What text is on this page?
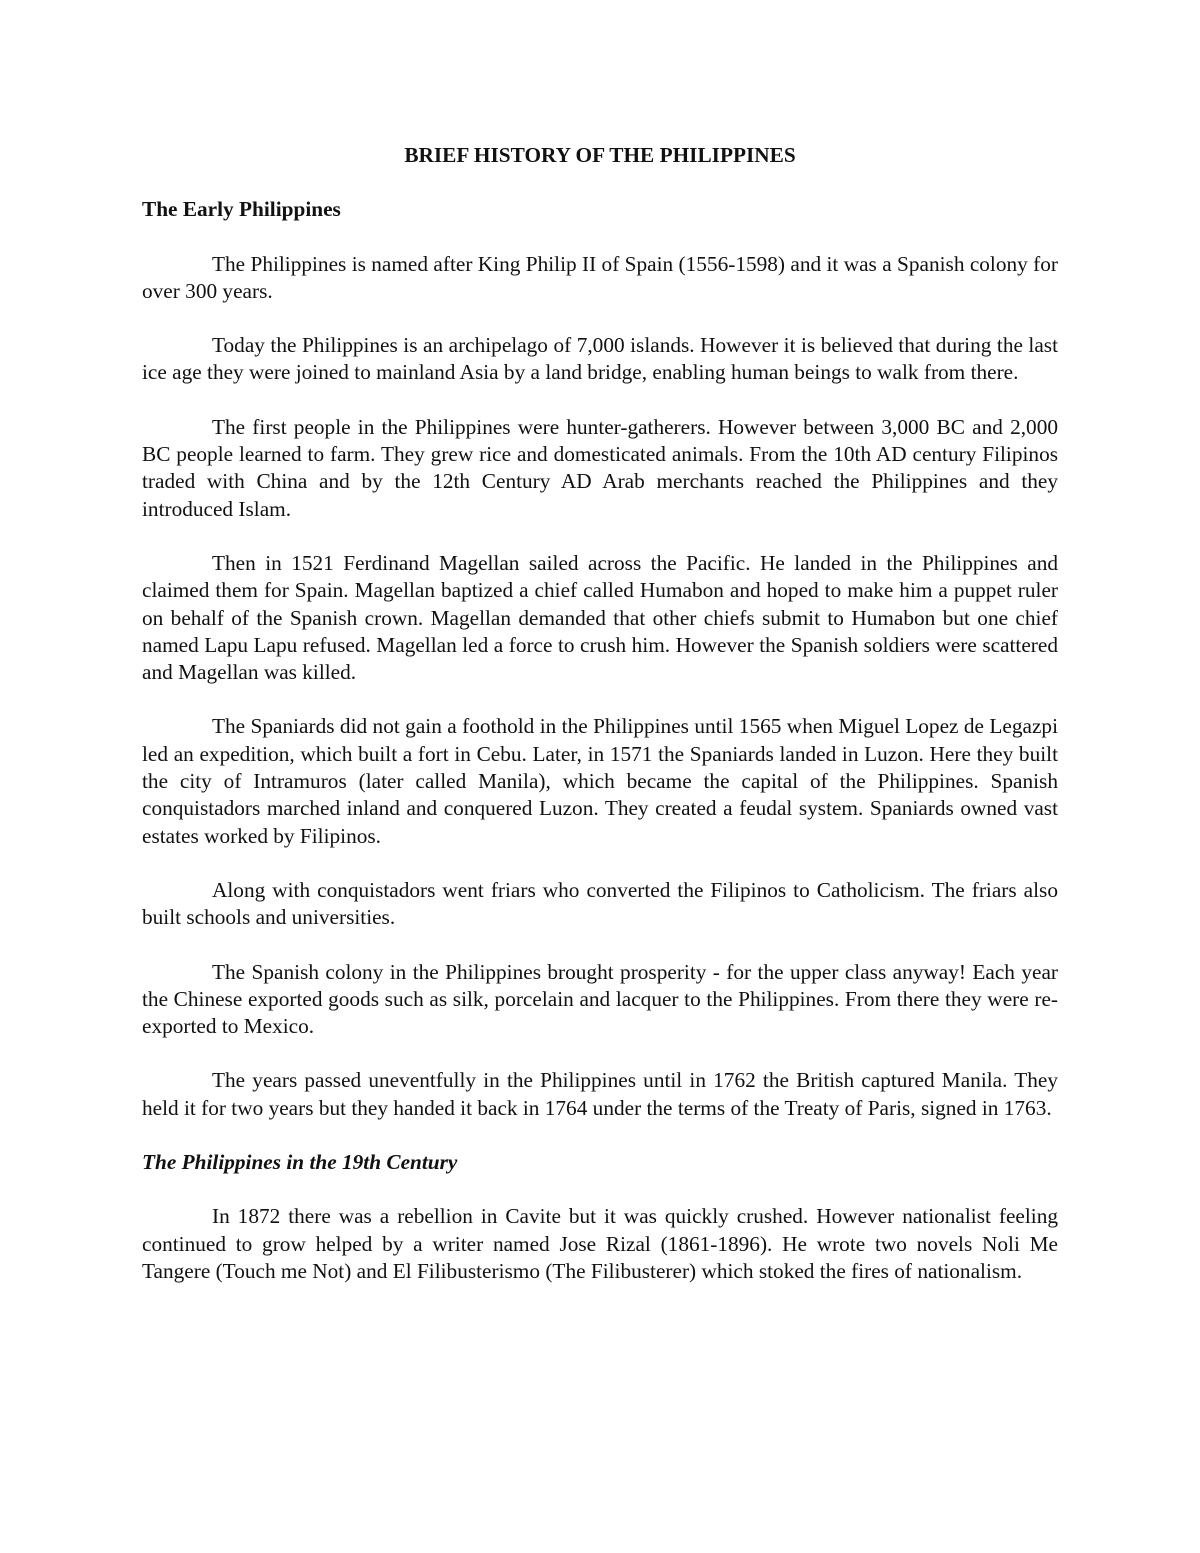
BRIEF HISTORY OF THE PHILIPPINES
The Early Philippines

The Philippines is named after King Philip II of Spain (1556-1598) and it was a Spanish colony for over 300 years.

Today the Philippines is an archipelago of 7,000 islands. However it is believed that during the last ice age they were joined to mainland Asia by a land bridge, enabling human beings to walk from there.

The first people in the Philippines were hunter-gatherers. However between 3,000 BC and 2,000 BC people learned to farm. They grew rice and domesticated animals. From the 10th AD century Filipinos traded with China and by the 12th Century AD Arab merchants reached the Philippines and they introduced Islam.

Then in 1521 Ferdinand Magellan sailed across the Pacific. He landed in the Philippines and claimed them for Spain. Magellan baptized a chief called Humabon and hoped to make him a puppet ruler on behalf of the Spanish crown. Magellan demanded that other chiefs submit to Humabon but one chief named Lapu Lapu refused. Magellan led a force to crush him. However the Spanish soldiers were scattered and Magellan was killed.

The Spaniards did not gain a foothold in the Philippines until 1565 when Miguel Lopez de Legazpi led an expedition, which built a fort in Cebu. Later, in 1571 the Spaniards landed in Luzon. Here they built the city of Intramuros (later called Manila), which became the capital of the Philippines. Spanish conquistadors marched inland and conquered Luzon. They created a feudal system. Spaniards owned vast estates worked by Filipinos.

Along with conquistadors went friars who converted the Filipinos to Catholicism. The friars also built schools and universities.

The Spanish colony in the Philippines brought prosperity - for the upper class anyway! Each year the Chinese exported goods such as silk, porcelain and lacquer to the Philippines. From there they were re-exported to Mexico.

The years passed uneventfully in the Philippines until in 1762 the British captured Manila. They held it for two years but they handed it back in 1764 under the terms of the Treaty of Paris, signed in 1763.

The Philippines in the 19th Century

In 1872 there was a rebellion in Cavite but it was quickly crushed. However nationalist feeling continued to grow helped by a writer named Jose Rizal (1861-1896). He wrote two novels Noli Me Tangere (Touch me Not) and El Filibusterismo (The Filibusterer) which stoked the fires of nationalism.
